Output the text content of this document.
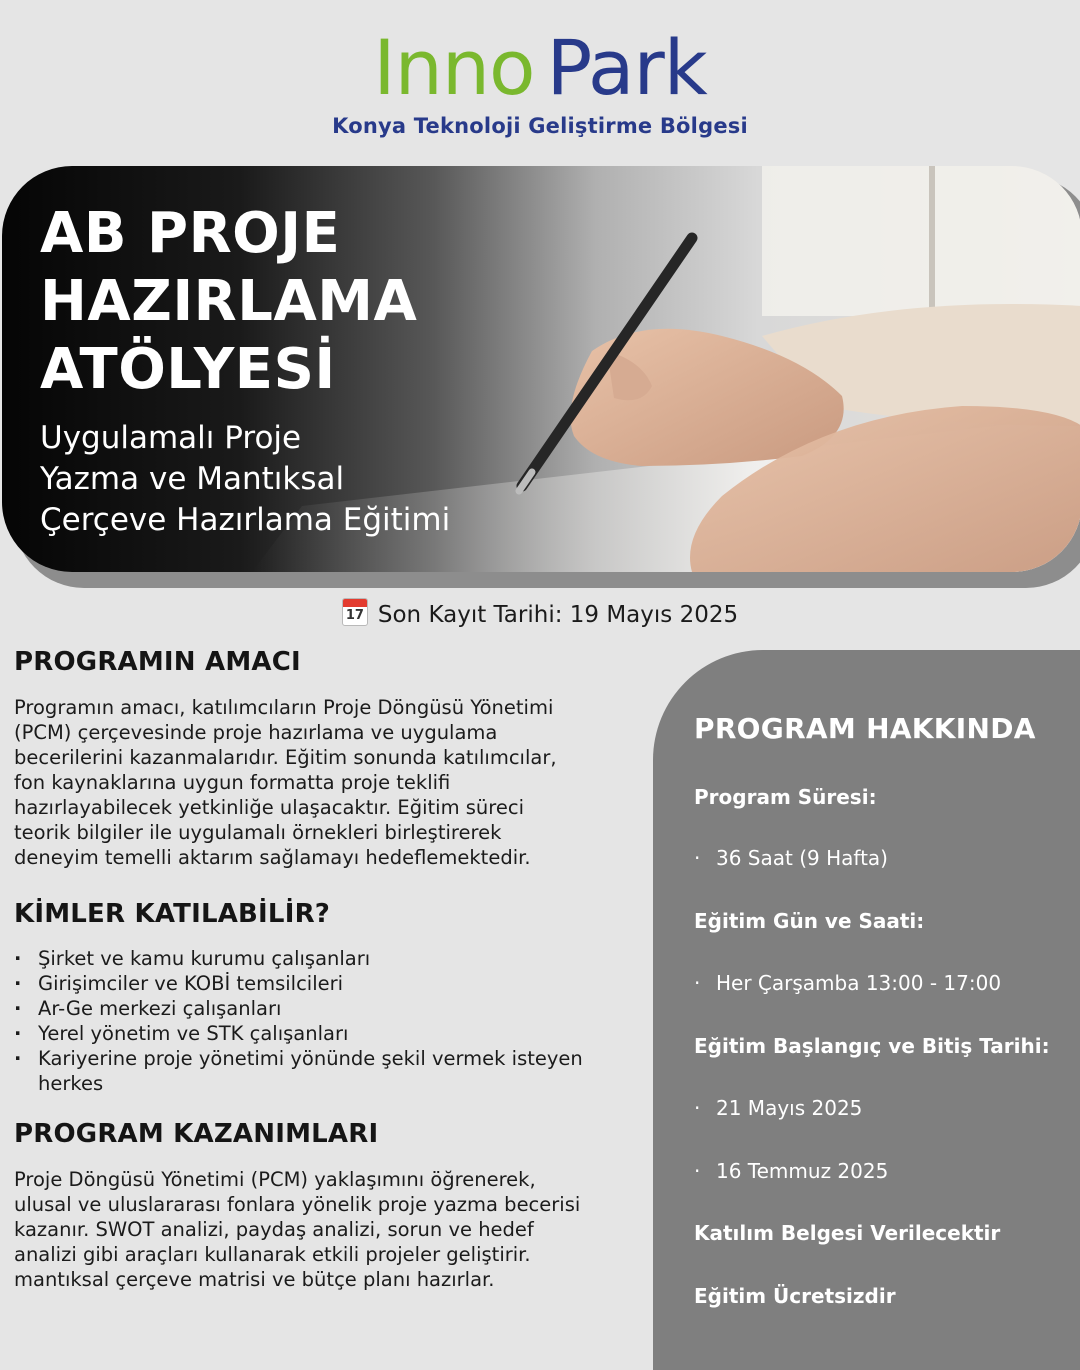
Inno Park
Konya Teknoloji Geliştirme Bölgesi
AB PROJE
HAZIRLAMA
ATÖLYESİ
Uygulamalı Proje
Yazma ve Mantıksal
Çerçeve Hazırlama Eğitimi
17 Son Kayıt Tarihi: 19 Mayıs 2025
PROGRAMIN AMACI
Programın amacı, katılımcıların Proje Döngüsü Yönetimi
(PCM) çerçevesinde proje hazırlama ve uygulama
becerilerini kazanmalarıdır. Eğitim sonunda katılımcılar,
fon kaynaklarına uygun formatta proje teklifi
hazırlayabilecek yetkinliğe ulaşacaktır. Eğitim süreci
teorik bilgiler ile uygulamalı örnekleri birleştirerek
deneyim temelli aktarım sağlamayı hedeflemektedir.
KİMLER KATILABİLİR?
· Şirket ve kamu kurumu çalışanları
· Girişimciler ve KOBİ temsilcileri
· Ar-Ge merkezi çalışanları
· Yerel yönetim ve STK çalışanları
· Kariyerine proje yönetimi yönünde şekil vermek isteyen
herkes
PROGRAM KAZANIMLARI
Proje Döngüsü Yönetimi (PCM) yaklaşımını öğrenerek,
ulusal ve uluslararası fonlara yönelik proje yazma becerisi
kazanır. SWOT analizi, paydaş analizi, sorun ve hedef
analizi gibi araçları kullanarak etkili projeler geliştirir.
mantıksal çerçeve matrisi ve bütçe planı hazırlar.
PROGRAM HAKKINDA
Program Süresi:
· 36 Saat (9 Hafta)
Eğitim Gün ve Saati:
· Her Çarşamba 13:00 - 17:00
Eğitim Başlangıç ve Bitiş Tarihi:
· 21 Mayıs 2025
· 16 Temmuz 2025
Katılım Belgesi Verilecektir
Eğitim Ücretsizdir
